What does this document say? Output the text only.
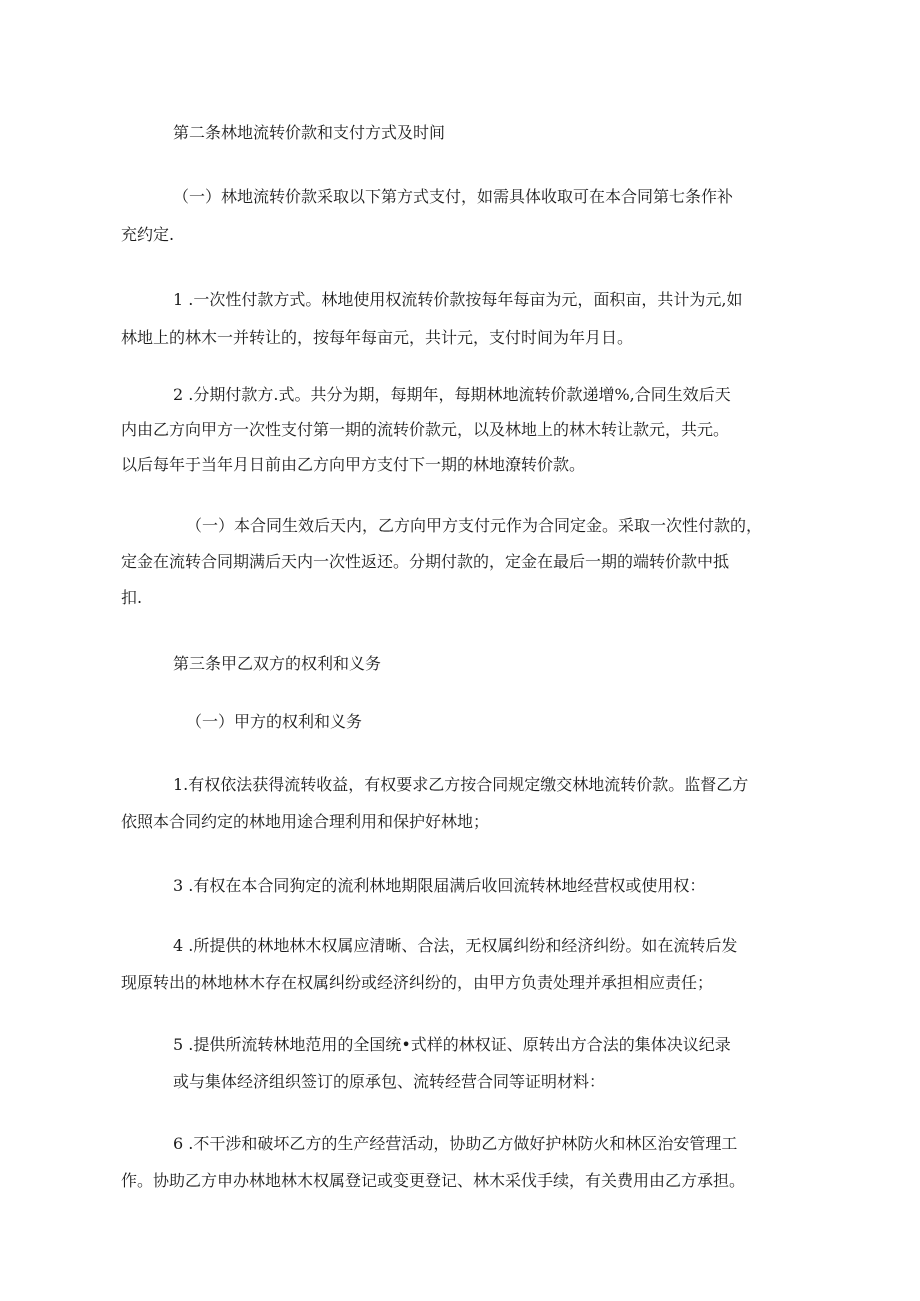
第二条林地流转价款和支付方式及时间
（一）林地流转价款采取以下第方式支付，如需具体收取可在本合同第七条作补
充约定.
1 .一次性付款方式。林地使用权流转价款按每年每亩为元，面积亩，共计为元,如
林地上的林木一并转让的，按每年每亩元，共计元，支付时间为年月日。
2 .分期付款方.式。共分为期，每期年，每期林地流转价款递增%,合同生效后天
内由乙方向甲方一次性支付第一期的流转价款元，以及林地上的林木转让款元，共元。
以后每年于当年月日前由乙方向甲方支付下一期的林地潦转价款。
（一）本合同生效后天内，乙方向甲方支付元作为合同定金。采取一次性付款的，
定金在流转合同期满后天内一次性返还。分期付款的，定金在最后一期的端转价款中抵
扣.
第三条甲乙双方的权利和义务
（一）甲方的权利和义务
1.有权依法获得流转收益，有权要求乙方按合同规定缴交林地流转价款。监督乙方
依照本合同约定的林地用途合理利用和保护好林地；
3 .有权在本合同狗定的流利林地期限届满后收回流转林地经营权或使用权：
4 .所提供的林地林木权属应清晰、合法，无权属纠纷和经济纠纷。如在流转后发
现原转出的林地林木存在权属纠纷或经济纠纷的，由甲方负责处理并承担相应责任；
5 .提供所流转林地范用的全国统•式样的林权证、原转出方合法的集体决议纪录
或与集体经济组织签订的原承包、流转经营合同等证明材料：
6 .不干涉和破坏乙方的生产经营活动，协助乙方做好护林防火和林区治安管理工
作。协助乙方申办林地林木权属登记或变更登记、林木采伐手续，有关费用由乙方承担。
